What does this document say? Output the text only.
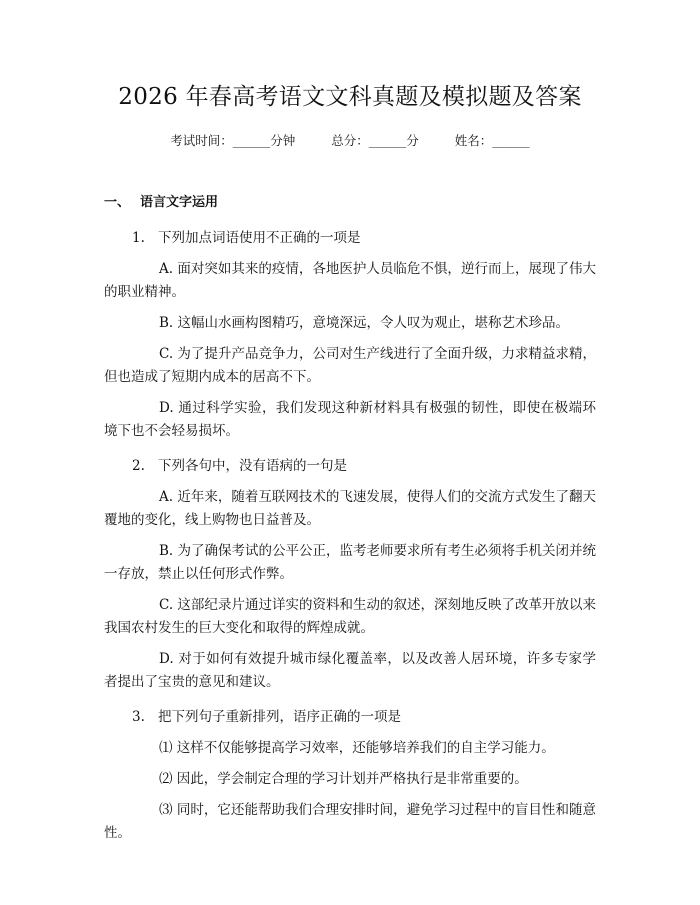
2026 年春高考语文文科真题及模拟题及答案
考试时间：______分钟	总分：______分	姓名：______
一、 语言文字运用

1. 下列加点词语使用不正确的一项是

A. 面对突如其来的疫情，各地医护人员临危不惧，逆行而上，展现了伟大的职业精神。

B. 这幅山水画构图精巧，意境深远，令人叹为观止，堪称艺术珍品。

C. 为了提升产品竞争力，公司对生产线进行了全面升级，力求精益求精，但也造成了短期内成本的居高不下。

D. 通过科学实验，我们发现这种新材料具有极强的韧性，即使在极端环境下也不会轻易损坏。

2. 下列各句中，没有语病的一句是

A. 近年来，随着互联网技术的飞速发展，使得人们的交流方式发生了翻天覆地的变化，线上购物也日益普及。

B. 为了确保考试的公平公正，监考老师要求所有考生必须将手机关闭并统一存放，禁止以任何形式作弊。

C. 这部纪录片通过详实的资料和生动的叙述，深刻地反映了改革开放以来我国农村发生的巨大变化和取得的辉煌成就。

D. 对于如何有效提升城市绿化覆盖率，以及改善人居环境，许多专家学者提出了宝贵的意见和建议。

3. 把下列句子重新排列，语序正确的一项是

⑴ 这样不仅能够提高学习效率，还能够培养我们的自主学习能力。

⑵ 因此，学会制定合理的学习计划并严格执行是非常重要的。

⑶ 同时，它还能帮助我们合理安排时间，避免学习过程中的盲目性和随意性。
